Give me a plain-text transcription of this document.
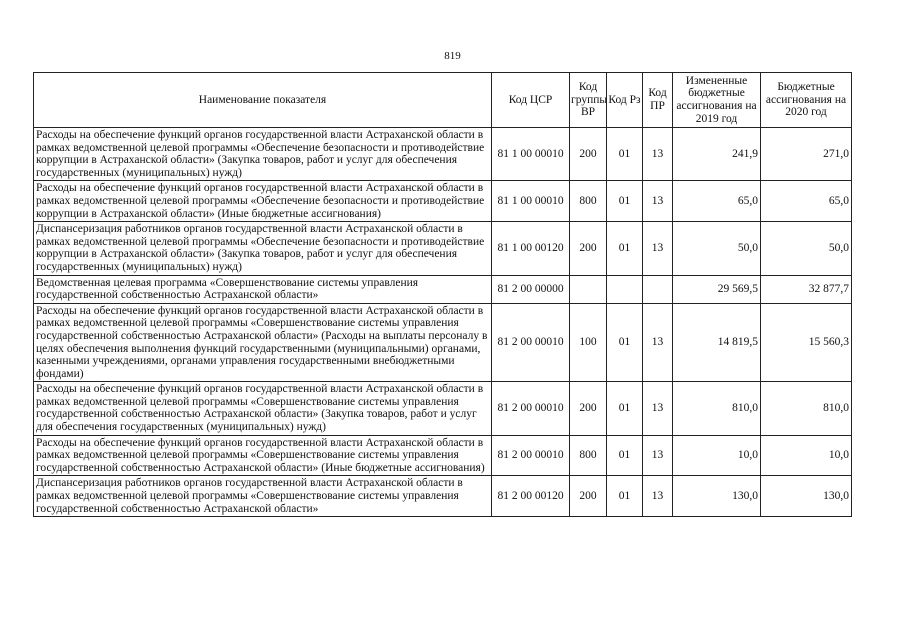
819
Наименование показателя	Код ЦСР	Код группы ВР	Код Рз	Код ПР	Измененные бюджетные ассигнования на 2019 год	Бюджетные ассигнования на 2020 год
Расходы на обеспечение функций органов государственной власти Астраханской области в рамках ведомственной целевой программы «Обеспечение безопасности и противодействие коррупции в Астраханской области» (Закупка товаров, работ и услуг для обеспечения государственных (муниципальных) нужд)	81 1 00 00010	200	01	13	241,9	271,0
Расходы на обеспечение функций органов государственной власти Астраханской области в рамках ведомственной целевой программы «Обеспечение безопасности и противодействие коррупции в Астраханской области» (Иные бюджетные ассигнования)	81 1 00 00010	800	01	13	65,0	65,0
Диспансеризация работников органов государственной власти Астраханской области в рамках ведомственной целевой программы «Обеспечение безопасности и противодействие коррупции в Астраханской области» (Закупка товаров, работ и услуг для обеспечения государственных (муниципальных) нужд)	81 1 00 00120	200	01	13	50,0	50,0
Ведомственная целевая программа «Совершенствование системы управления государственной собственностью Астраханской области»	81 2 00 00000				29 569,5	32 877,7
Расходы на обеспечение функций органов государственной власти Астраханской области в рамках ведомственной целевой программы «Совершенствование системы управления государственной собственностью Астраханской области» (Расходы на выплаты персоналу в целях обеспечения выполнения функций государственными (муниципальными) органами, казенными учреждениями, органами управления государственными внебюджетными фондами)	81 2 00 00010	100	01	13	14 819,5	15 560,3
Расходы на обеспечение функций органов государственной власти Астраханской области в рамках ведомственной целевой программы «Совершенствование системы управления государственной собственностью Астраханской области» (Закупка товаров, работ и услуг для обеспечения государственных (муниципальных) нужд)	81 2 00 00010	200	01	13	810,0	810,0
Расходы на обеспечение функций органов государственной власти Астраханской области в рамках ведомственной целевой программы «Совершенствование системы управления государственной собственностью Астраханской области» (Иные бюджетные ассигнования)	81 2 00 00010	800	01	13	10,0	10,0
Диспансеризация работников органов государственной власти Астраханской области в рамках ведомственной целевой программы «Совершенствование системы управления государственной собственностью Астраханской области»	81 2 00 00120	200	01	13	130,0	130,0
